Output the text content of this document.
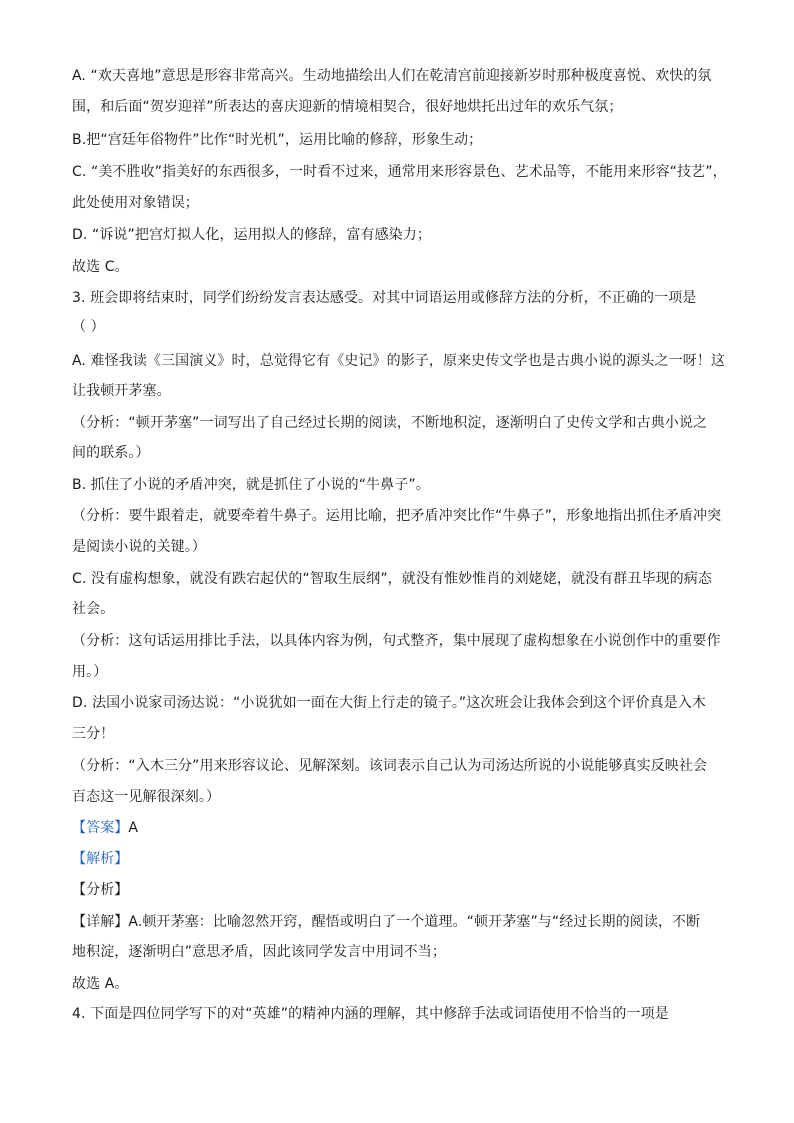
A. “欢天喜地”意思是形容非常高兴。生动地描绘出人们在乾清宫前迎接新岁时那种极度喜悦、欢快的氛
围，和后面“贺岁迎祥”所表达的喜庆迎新的情境相契合，很好地烘托出过年的欢乐气氛；
B.把“宫廷年俗物件”比作“时光机”，运用比喻的修辞，形象生动；
C. “美不胜收”指美好的东西很多，一时看不过来，通常用来形容景色、艺术品等，不能用来形容“技艺”，
此处使用对象错误；
D. “诉说”把宫灯拟人化，运用拟人的修辞，富有感染力；
故选 C。
3. 班会即将结束时，同学们纷纷发言表达感受。对其中词语运用或修辞方法的分析，不正确的一项是
（ ）
A. 难怪我读《三国演义》时，总觉得它有《史记》的影子，原来史传文学也是古典小说的源头之一呀！这
让我顿开茅塞。
（分析：“顿开茅塞”一词写出了自己经过长期的阅读，不断地积淀，逐渐明白了史传文学和古典小说之
间的联系。）
B. 抓住了小说的矛盾冲突，就是抓住了小说的“牛鼻子”。
（分析：要牛跟着走，就要牵着牛鼻子。运用比喻，把矛盾冲突比作“牛鼻子”，形象地指出抓住矛盾冲突
是阅读小说的关键。）
C. 没有虚构想象，就没有跌宕起伏的“智取生辰纲”，就没有惟妙惟肖的刘姥姥，就没有群丑毕现的病态
社会。
（分析：这句话运用排比手法，以具体内容为例，句式整齐，集中展现了虚构想象在小说创作中的重要作
用。）
D. 法国小说家司汤达说：“小说犹如一面在大街上行走的镜子。”这次班会让我体会到这个评价真是入木
三分！
（分析：“入木三分”用来形容议论、见解深刻。该词表示自己认为司汤达所说的小说能够真实反映社会
百态这一见解很深刻。）
【答案】A
【解析】
【分析】
【详解】A.顿开茅塞：比喻忽然开窍，醒悟或明白了一个道理。“顿开茅塞”与“经过长期的阅读，不断
地积淀，逐渐明白”意思矛盾，因此该同学发言中用词不当；
故选 A。
4. 下面是四位同学写下的对“英雄”的精神内涵的理解，其中修辞手法或词语使用不恰当的一项是
